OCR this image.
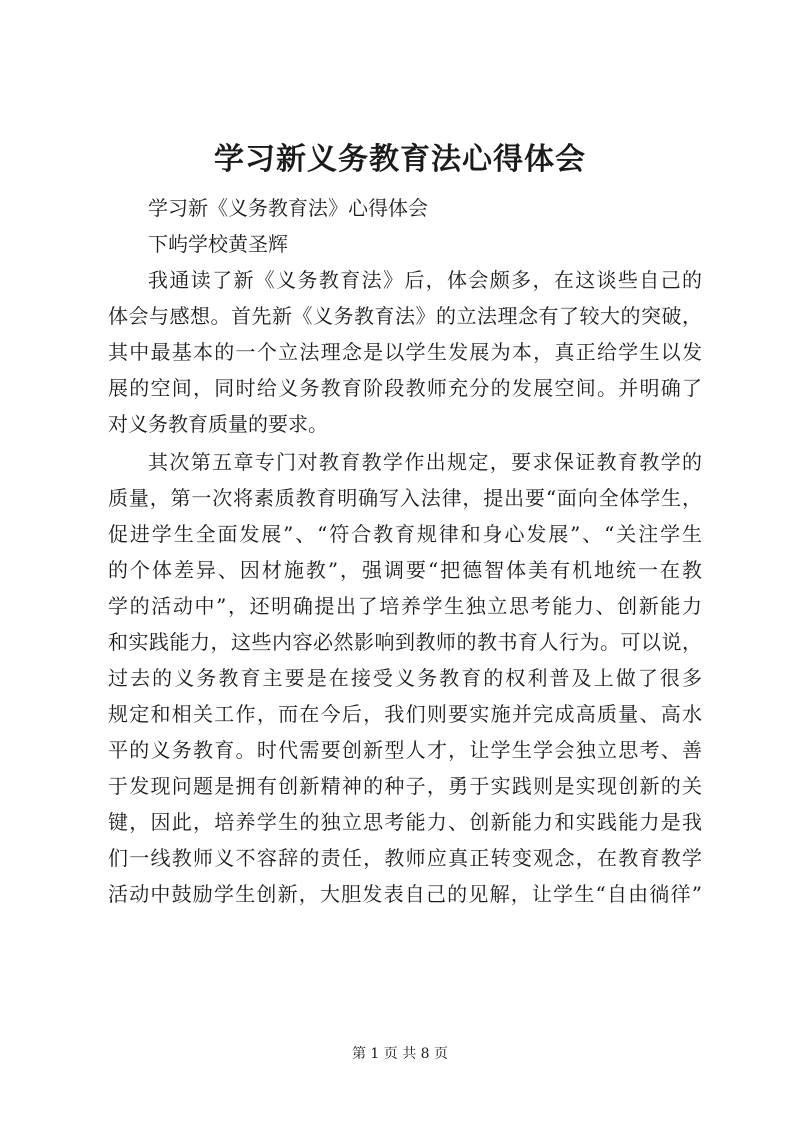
学习新义务教育法心得体会
学习新《义务教育法》心得体会
下屿学校黄圣辉
我通读了新《义务教育法》后，体会颇多，在这谈些自己的
体会与感想。首先新《义务教育法》的立法理念有了较大的突破，
其中最基本的一个立法理念是以学生发展为本，真正给学生以发
展的空间，同时给义务教育阶段教师充分的发展空间。并明确了
对义务教育质量的要求。
其次第五章专门对教育教学作出规定，要求保证教育教学的
质量，第一次将素质教育明确写入法律，提出要“面向全体学生，
促进学生全面发展”、“符合教育规律和身心发展”、“关注学生
的个体差异、因材施教”，强调要“把德智体美有机地统一在教
学的活动中”，还明确提出了培养学生独立思考能力、创新能力
和实践能力，这些内容必然影响到教师的教书育人行为。可以说，
过去的义务教育主要是在接受义务教育的权利普及上做了很多
规定和相关工作，而在今后，我们则要实施并完成高质量、高水
平的义务教育。时代需要创新型人才，让学生学会独立思考、善
于发现问题是拥有创新精神的种子，勇于实践则是实现创新的关
键，因此，培养学生的独立思考能力、创新能力和实践能力是我
们一线教师义不容辞的责任，教师应真正转变观念，在教育教学
活动中鼓励学生创新，大胆发表自己的见解，让学生“自由徜徉”
第 1 页 共 8 页
